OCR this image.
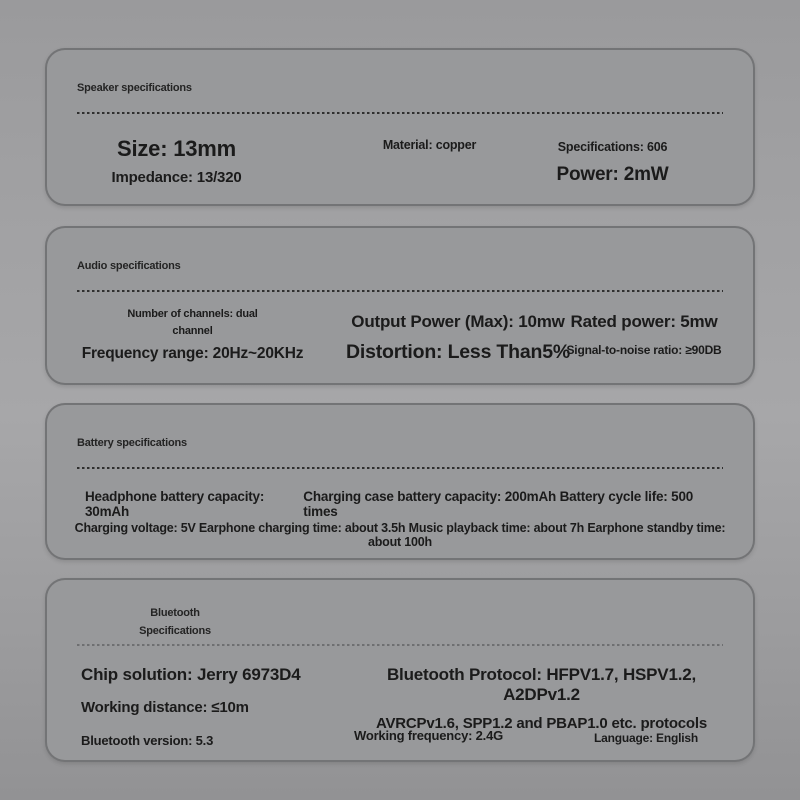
Speaker specifications
Size: 13mm
Impedance: 13/320
Material: copper	Specifications: 606
Power: 2mW
Audio specifications
Number of channels: dual
channel
Frequency range: 20Hz~20KHz
Output Power (Max): 10mw
Distortion: Less Than5%
Rated power: 5mw
Signal-to-noise ratio: ≥90DB
Battery specifications
Headphone battery capacity: 30mAh
Charging case battery capacity: 200mAh Battery cycle life: 500 times
Charging voltage: 5V Earphone charging time: about 3.5h Music playback time: about 7h Earphone standby time: about 100h
Bluetooth
Specifications
Chip solution: Jerry 6973D4
Working distance: ≤10m
Bluetooth version: 5.3
Bluetooth Protocol: HFPV1.7, HSPV1.2, A2DPv1.2
AVRCPv1.6, SPP1.2 and PBAP1.0 etc. protocols
Working frequency: 2.4G	Language: English
